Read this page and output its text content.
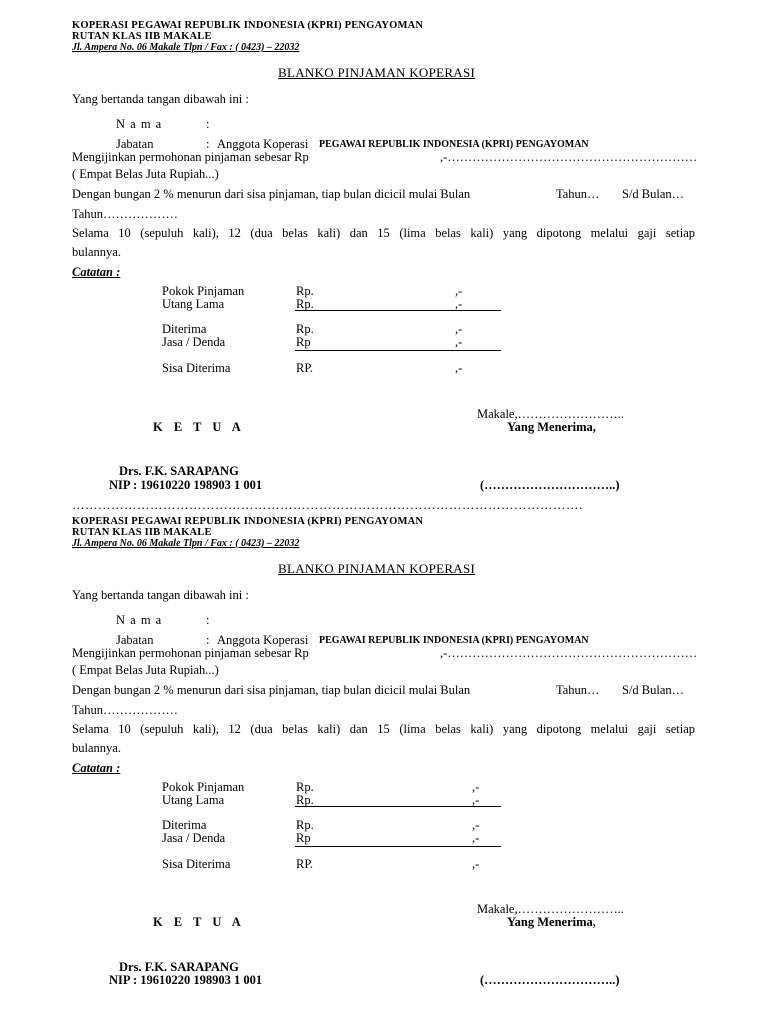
KOPERASI PEGAWAI REPUBLIK INDONESIA (KPRI) PENGAYOMAN
RUTAN KLAS IIB MAKALE
Jl. Ampera No. 06 Makale Tlpn / Fax : ( 0423) – 22032
BLANKO PINJAMAN KOPERASI
Yang bertanda tangan dibawah ini :
N a m a	:
Jabatan	: Anggota Koperasi PEGAWAI REPUBLIK INDONESIA (KPRI) PENGAYOMAN
Mengijinkan permohonan pinjaman sebesar Rp	,-……………………………………………………
( Empat Belas Juta Rupiah...)
Dengan bungan 2 % menurun dari sisa pinjaman, tiap bulan dicicil mulai Bulan	Tahun… S/d Bulan…
Tahun………………
Selama 10 (sepuluh kali), 12 (dua belas kali) dan 15 (lima belas kali) yang dipotong melalui gaji setiap
bulannya.
Catatan :
Pokok Pinjaman	Rp.	,-
Utang Lama	Rp.	,-
Diterima	Rp.	,-
Jasa / Denda	Rp	,-
Sisa Diterima	RP.	,-
Makale,……………………..
K E T U A	Yang Menerima,
Drs. F.K. SARAPANG
NIP : 19610220 198903 1 001	(…………………………..)
……………………………………………………………………………………………………….
KOPERASI PEGAWAI REPUBLIK INDONESIA (KPRI) PENGAYOMAN
RUTAN KLAS IIB MAKALE
Jl. Ampera No. 06 Makale Tlpn / Fax : ( 0423) – 22032
BLANKO PINJAMAN KOPERASI
Yang bertanda tangan dibawah ini :
N a m a	:
Jabatan	: Anggota Koperasi PEGAWAI REPUBLIK INDONESIA (KPRI) PENGAYOMAN
Mengijinkan permohonan pinjaman sebesar Rp	,-……………………………………………………
( Empat Belas Juta Rupiah...)
Dengan bungan 2 % menurun dari sisa pinjaman, tiap bulan dicicil mulai Bulan	Tahun… S/d Bulan…
Tahun………………
Selama 10 (sepuluh kali), 12 (dua belas kali) dan 15 (lima belas kali) yang dipotong melalui gaji setiap
bulannya.
Catatan :
Pokok Pinjaman	Rp.	,-
Utang Lama	Rp.	,-
Diterima	Rp.	,-
Jasa / Denda	Rp	,-
Sisa Diterima	RP.	,-
Makale,……………………..
K E T U A	Yang Menerima,
Drs. F.K. SARAPANG
NIP : 19610220 198903 1 001	(…………………………..)
